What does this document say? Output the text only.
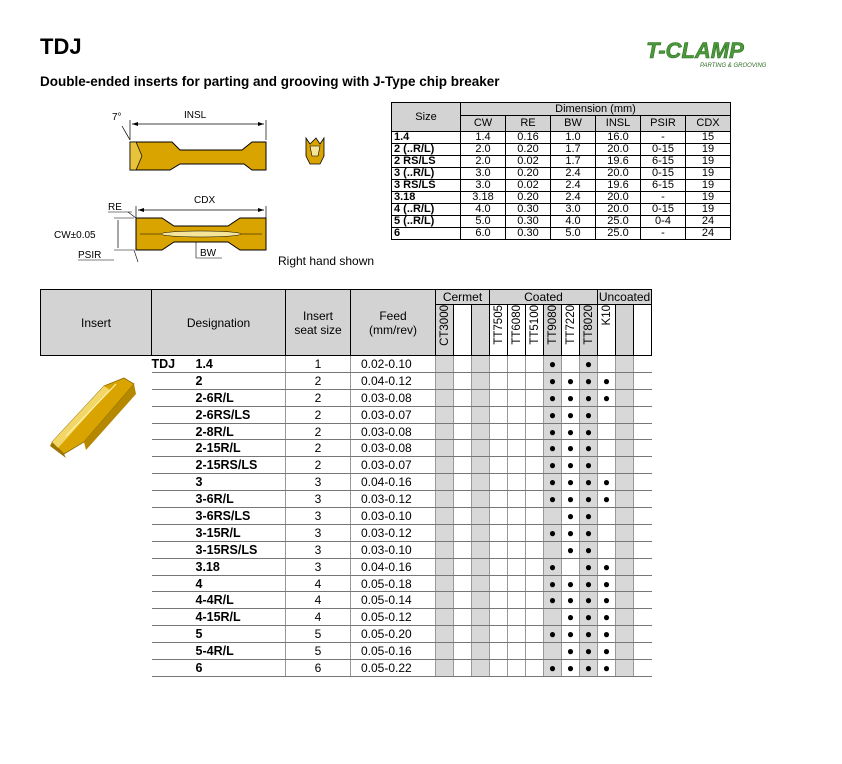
TDJ	T-CLAMP
PARTING & GROOVING
Double-ended inserts for parting and grooving with J-Type chip breaker
7°	INSL
CDX
RE
CW±0.05
PSIR	BW
Right hand shown
Size	Dimension (mm)					
	CW	RE	BW	INSL	PSIR	CDX
1.4	1.4	0.16	1.0	16.0	-	15
2 (..R/L)	2.0	0.20	1.7	20.0	0-15	19
2 RS/LS	2.0	0.02	1.7	19.6	6-15	19
3 (..R/L)	3.0	0.20	2.4	20.0	0-15	19
3 RS/LS	3.0	0.02	2.4	19.6	6-15	19
3.18	3.18	0.20	2.4	20.0	-	19
4 (..R/L)	4.0	0.30	3.0	20.0	0-15	19
5 (..R/L)	5.0	0.30	4.0	25.0	0-4	24
6	6.0	0.30	5.0	25.0	-	24
Insert	Designation	Insert seat size	Feed (mm/rev)	Cermet			Coated						Uncoated		
				CT3000			TT7505	TT6080	TT5100	TT9080	TT7220	TT8020	K10		
	TDJ 1.4	1	0.02-0.10							●		●			
	2	2	0.04-0.12							●	●	●	●		
	2-6R/L	2	0.03-0.08							●	●	●	●		
	2-6RS/LS	2	0.03-0.07							●	●	●			
	2-8R/L	2	0.03-0.08							●	●	●			
	2-15R/L	2	0.03-0.08							●	●	●			
	2-15RS/LS	2	0.03-0.07							●	●	●			
	3	3	0.04-0.16							●	●	●	●		
	3-6R/L	3	0.03-0.12							●	●	●	●		
	3-6RS/LS	3	0.03-0.10								●	●			
	3-15R/L	3	0.03-0.12							●	●	●			
	3-15RS/LS	3	0.03-0.10								●	●			
	3.18	3	0.04-0.16							●		●	●		
	4	4	0.05-0.18							●	●	●	●		
	4-4R/L	4	0.05-0.14							●	●	●	●		
	4-15R/L	4	0.05-0.12								●	●	●		
	5	5	0.05-0.20							●	●	●	●		
	5-4R/L	5	0.05-0.16								●	●	●		
	6	6	0.05-0.22							●	●	●	●		
